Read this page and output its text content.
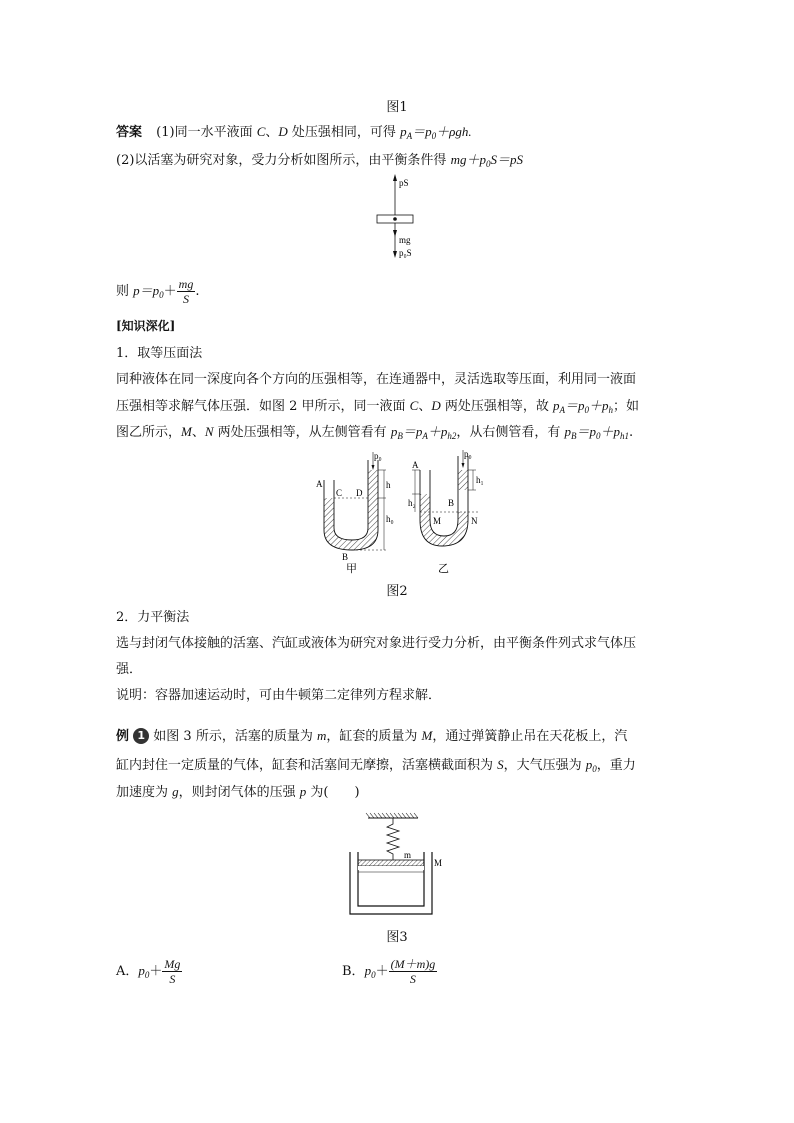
图1
答案 (1)同一水平液面 C、D 处压强相同，可得 $p_A=p_0+\rho gh$.
(2)以活塞为研究对象，受力分析如图所示，由平衡条件得 $mg+p_0S=pS$
pS
mg
p₀S
则 $p=p_0+ \frac{mg}{S}$ .
[知识深化]
1．取等压面法
同种液体在同一深度向各个方向的压强相等，在连通器中，灵活选取等压面，利用同一液面
压强相等求解气体压强．如图 2 甲所示，同一液面 C、D 两处压强相等，故 $p_A=p_0+p_h$；如
图乙所示，M、N 两处压强相等，从左侧管看有 $p_B=p_A+p_{h2}$，从右侧管看，有 $p_B=p_0+p_{h1}$.
A
C D
B
p₀
h
h₀
A
h₂	B
M	N
p₀
h₁
甲	乙
图2
2．力平衡法
选与封闭气体接触的活塞、汽缸或液体为研究对象进行受力分析，由平衡条件列式求气体压
强．
说明：容器加速运动时，可由牛顿第二定律列方程求解．
例 1 如图 3 所示，活塞的质量为 m，缸套的质量为 M，通过弹簧静止吊在天花板上，汽
缸内封住一定质量的气体，缸套和活塞间无摩擦，活塞横截面积为 S，大气压强为 $p_0$，重力
加速度为 g，则封闭气体的压强 p 为(　　)
m
M
图3
A．$p_0+ \frac{Mg}{S}$	B．$p_0+ \frac{(M+m)g}{S}$
